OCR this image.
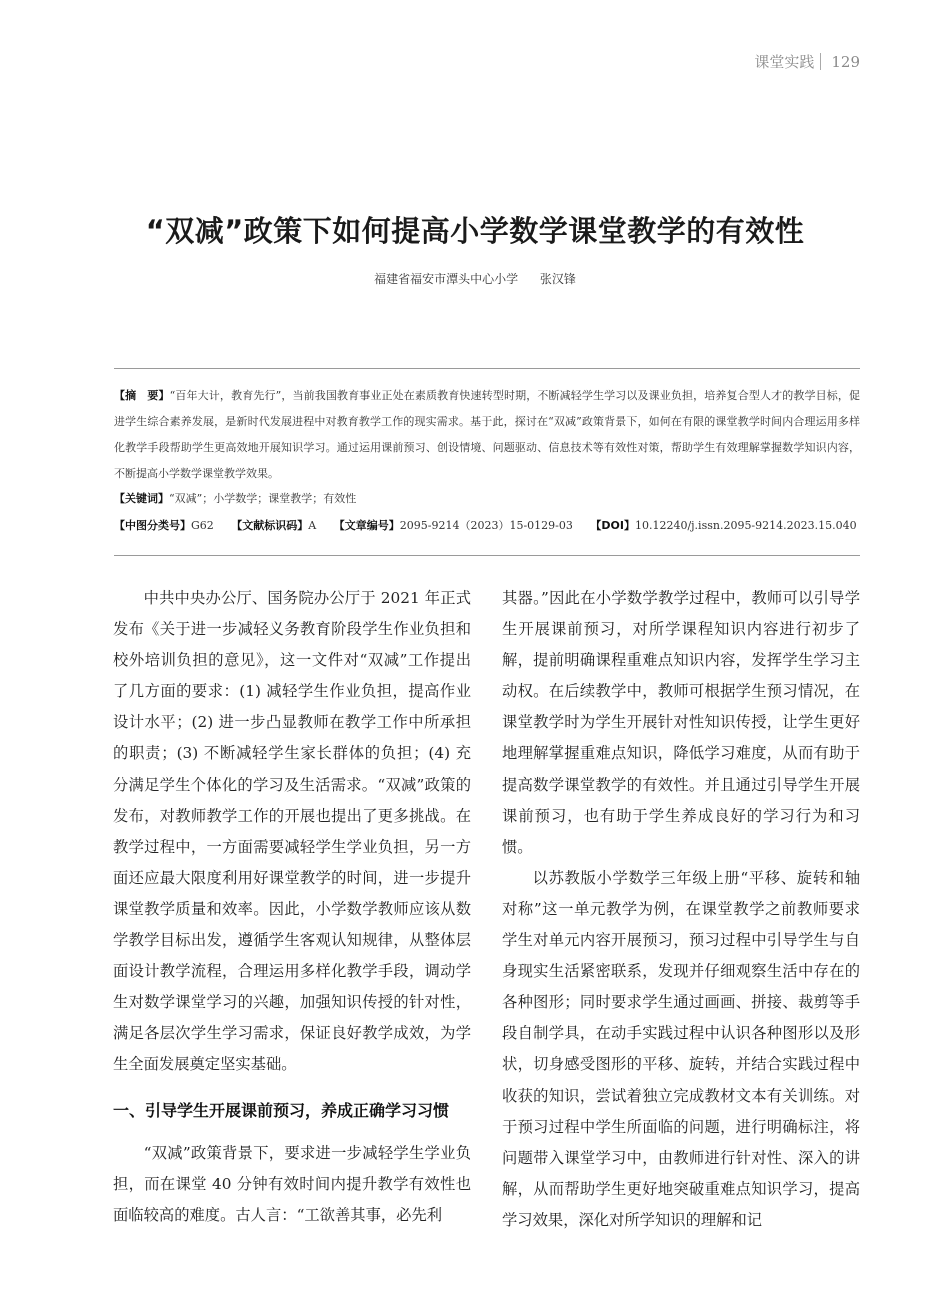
课堂实践 129
“双减”政策下如何提高小学数学课堂教学的有效性
福建省福安市潭头中心小学 张汉锋
【摘　要】“百年大计，教育先行”，当前我国教育事业正处在素质教育快速转型时期，不断减轻学生学习以及课业负担，培养复合型人才的教学目标，促进学生综合素养发展，是新时代发展进程中对教育教学工作的现实需求。基于此，探讨在“双减”政策背景下，如何在有限的课堂教学时间内合理运用多样化教学手段帮助学生更高效地开展知识学习。通过运用课前预习、创设情境、问题驱动、信息技术等有效性对策，帮助学生有效理解掌握数学知识内容，不断提高小学数学课堂教学效果。
【关键词】“双减”；小学数学；课堂教学；有效性
【中图分类号】G62 【文献标识码】A 【文章编号】2095-9214（2023）15-0129-03 【DOI】10.12240/j.issn.2095-9214.2023.15.040

中共中央办公厅、国务院办公厅于 2021 年正式发布《关于进一步减轻义务教育阶段学生作业负担和校外培训负担的意见》，这一文件对“双减”工作提出了几方面的要求：(1) 减轻学生作业负担，提高作业设计水平；(2) 进一步凸显教师在教学工作中所承担的职责；(3) 不断减轻学生家长群体的负担；(4) 充分满足学生个体化的学习及生活需求。“双减”政策的发布，对教师教学工作的开展也提出了更多挑战。在教学过程中，一方面需要减轻学生学业负担，另一方面还应最大限度利用好课堂教学的时间，进一步提升课堂教学质量和效率。因此，小学数学教师应该从数学教学目标出发，遵循学生客观认知规律，从整体层面设计教学流程，合理运用多样化教学手段，调动学生对数学课堂学习的兴趣，加强知识传授的针对性，满足各层次学生学习需求，保证良好教学成效，为学生全面发展奠定坚实基础。

一、引导学生开展课前预习，养成正确学习习惯

“双减”政策背景下，要求进一步减轻学生学业负担，而在课堂 40 分钟有效时间内提升教学有效性也面临较高的难度。古人言：“工欲善其事，必先利

其器。”因此在小学数学教学过程中，教师可以引导学生开展课前预习，对所学课程知识内容进行初步了解，提前明确课程重难点知识内容，发挥学生学习主动权。在后续教学中，教师可根据学生预习情况，在课堂教学时为学生开展针对性知识传授，让学生更好地理解掌握重难点知识，降低学习难度，从而有助于提高数学课堂教学的有效性。并且通过引导学生开展课前预习，也有助于学生养成良好的学习行为和习惯。

以苏教版小学数学三年级上册“平移、旋转和轴对称”这一单元教学为例，在课堂教学之前教师要求学生对单元内容开展预习，预习过程中引导学生与自身现实生活紧密联系，发现并仔细观察生活中存在的各种图形；同时要求学生通过画画、拼接、裁剪等手段自制学具，在动手实践过程中认识各种图形以及形状，切身感受图形的平移、旋转，并结合实践过程中收获的知识，尝试着独立完成教材文本有关训练。对于预习过程中学生所面临的问题，进行明确标注，将问题带入课堂学习中，由教师进行针对性、深入的讲解，从而帮助学生更好地突破重难点知识学习，提高学习效果，深化对所学知识的理解和记
